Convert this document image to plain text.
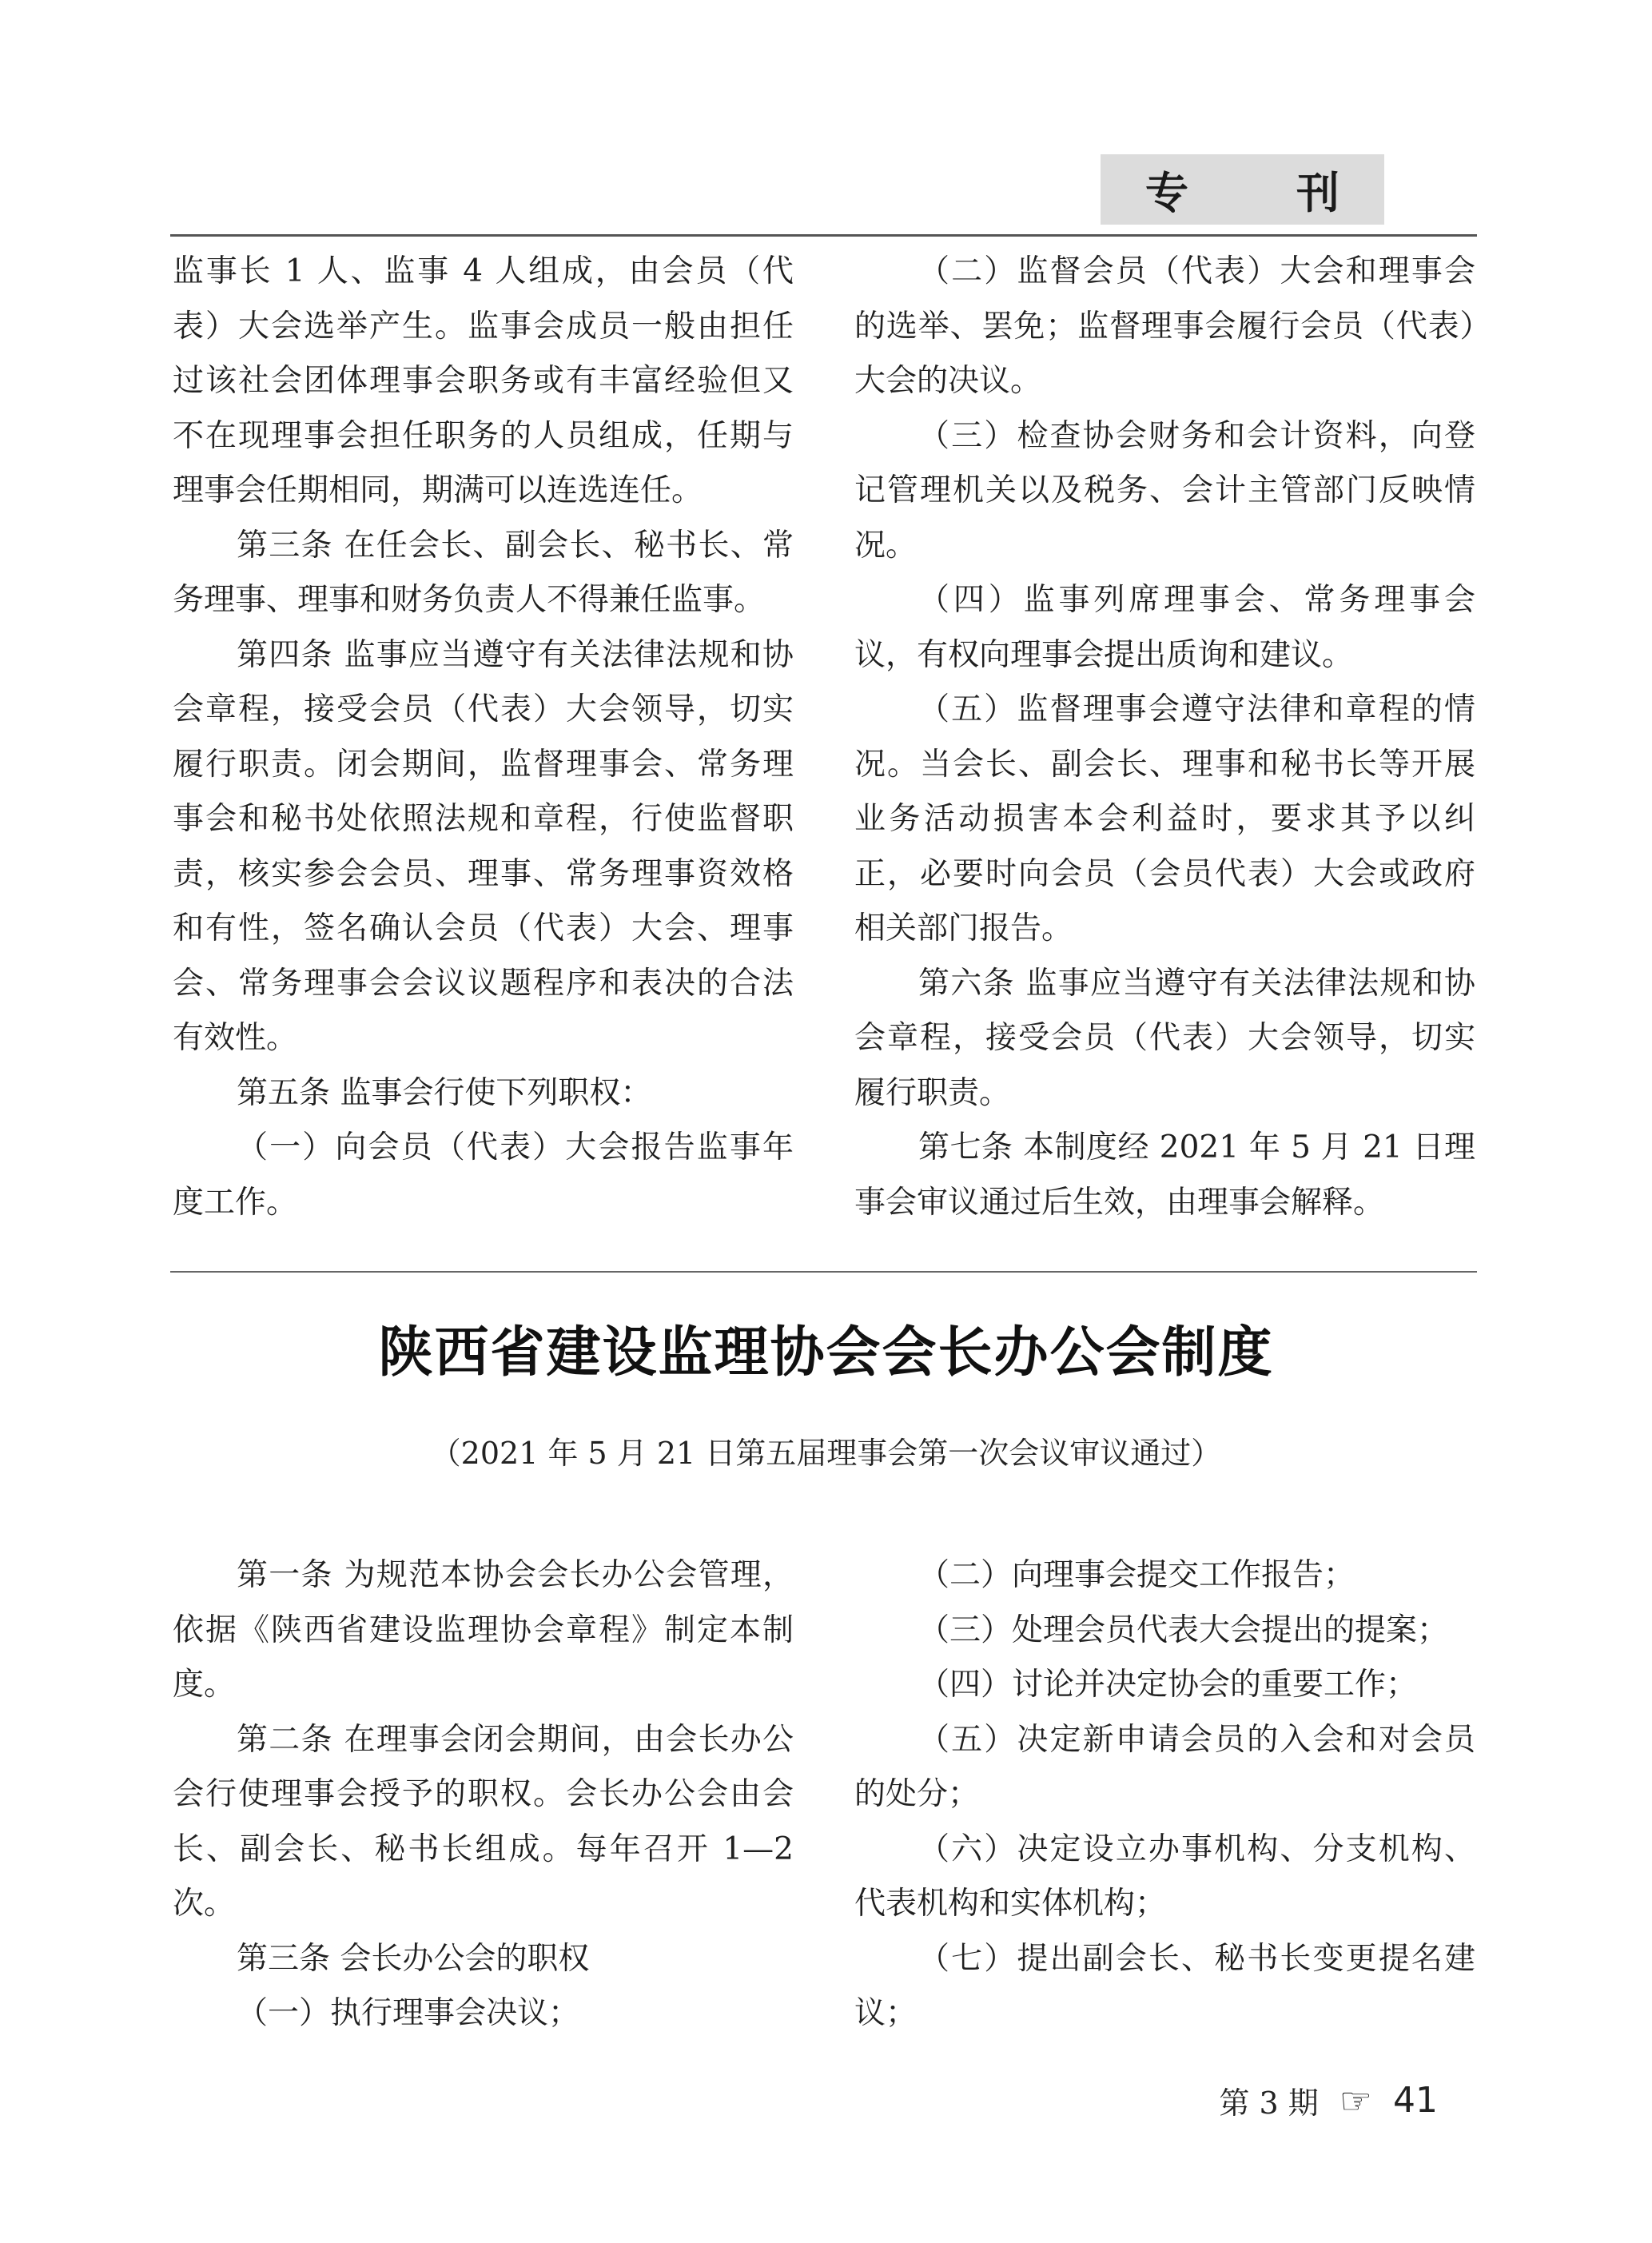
专刊

监事长 1 人、监事 4 人组成，由会员（代表）大会选举产生。监事会成员一般由担任过该社会团体理事会职务或有丰富经验但又不在现理事会担任职务的人员组成，任期与理事会任期相同，期满可以连选连任。

第三条 在任会长、副会长、秘书长、常务理事、理事和财务负责人不得兼任监事。

第四条 监事应当遵守有关法律法规和协会章程，接受会员（代表）大会领导，切实履行职责。闭会期间，监督理事会、常务理事会和秘书处依照法规和章程，行使监督职责，核实参会会员、理事、常务理事资效格和有性，签名确认会员（代表）大会、理事会、常务理事会会议议题程序和表决的合法有效性。

第五条 监事会行使下列职权：

（一）向会员（代表）大会报告监事年度工作。

（二）监督会员（代表）大会和理事会的选举、罢免；监督理事会履行会员（代表）大会的决议。

（三）检查协会财务和会计资料，向登记管理机关以及税务、会计主管部门反映情况。

（四）监事列席理事会、常务理事会议，有权向理事会提出质询和建议。

（五）监督理事会遵守法律和章程的情况。当会长、副会长、理事和秘书长等开展业务活动损害本会利益时，要求其予以纠正，必要时向会员（会员代表）大会或政府相关部门报告。

第六条 监事应当遵守有关法律法规和协会章程，接受会员（代表）大会领导，切实履行职责。

第七条 本制度经 2021 年 5 月 21 日理事会审议通过后生效，由理事会解释。

陕西省建设监理协会会长办公会制度
（2021 年 5 月 21 日第五届理事会第一次会议审议通过）

第一条 为规范本协会会长办公会管理，依据《陕西省建设监理协会章程》制定本制度。

第二条 在理事会闭会期间，由会长办公会行使理事会授予的职权。会长办公会由会长、副会长、秘书长组成。每年召开 1—2 次。

第三条 会长办公会的职权

（一）执行理事会决议；

（二）向理事会提交工作报告；

（三）处理会员代表大会提出的提案；

（四）讨论并决定协会的重要工作；

（五）决定新申请会员的入会和对会员的处分；

（六）决定设立办事机构、分支机构、代表机构和实体机构；

（七）提出副会长、秘书长变更提名建议；

第 3 期 ☞ 41
